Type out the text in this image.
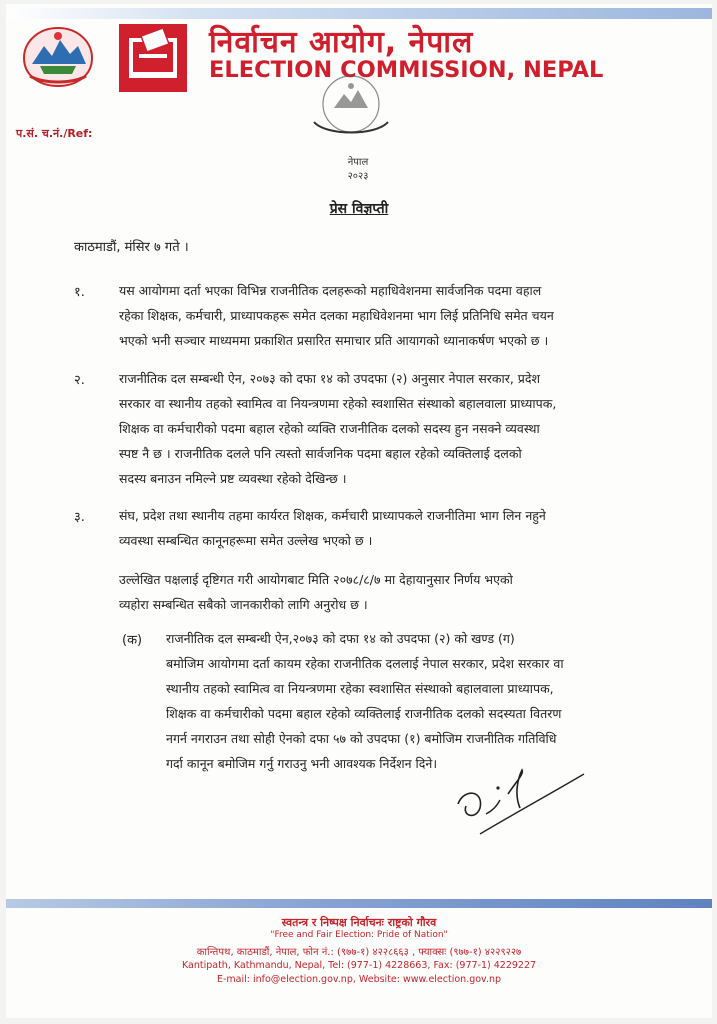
निर्वाचन आयोग, नेपाल
ELECTION COMMISSION, NEPAL
प.सं. च.नं./Ref:
नेपाल
२०२३
प्रेस विज्ञप्ती
काठमाडौं, मंसिर ७ गते ।
१.	यस आयोगमा दर्ता भएका विभिन्न राजनीतिक दलहरूको महाधिवेशनमा सार्वजनिक पदमा वहाल
रहेका शिक्षक, कर्मचारी, प्राध्यापकहरू समेत दलका महाधिवेशनमा भाग लिई प्रतिनिधि समेत चयन
भएको भनी सञ्चार माध्यममा प्रकाशित प्रसारित समाचार प्रति आयागको ध्यानाकर्षण भएको छ ।
२.	राजनीतिक दल सम्बन्धी ऐन, २०७३ को दफा १४ को उपदफा (२) अनुसार नेपाल सरकार, प्रदेश
सरकार वा स्थानीय तहको स्वामित्व वा नियन्त्रणमा रहेको स्वशासित संस्थाको बहालवाला प्राध्यापक,
शिक्षक वा कर्मचारीको पदमा बहाल रहेको व्यक्ति राजनीतिक दलको सदस्य हुन नसक्ने व्यवस्था
स्पष्ट नै छ । राजनीतिक दलले पनि त्यस्तो सार्वजनिक पदमा बहाल रहेको व्यक्तिलाई दलको
सदस्य बनाउन नमिल्ने प्रष्ट व्यवस्था रहेको देखिन्छ ।
३.	संघ, प्रदेश तथा स्थानीय तहमा कार्यरत शिक्षक, कर्मचारी प्राध्यापकले राजनीतिमा भाग लिन नहुने
व्यवस्था सम्बन्धित कानूनहरूमा समेत उल्लेख भएको छ ।
उल्लेखित पक्षलाई दृष्टिगत गरी आयोगबाट मिति २०७८/८/७ मा देहायानुसार निर्णय भएको
व्यहोरा सम्बन्धित सबैको जानकारीको लागि अनुरोध छ ।
(क) राजनीतिक दल सम्बन्धी ऐन,२०७३ को दफा १४ को उपदफा (२) को खण्ड (ग)
बमोजिम आयोगमा दर्ता कायम रहेका राजनीतिक दललाई नेपाल सरकार, प्रदेश सरकार वा
स्थानीय तहको स्वामित्व वा नियन्त्रणमा रहेका स्वशासित संस्थाको बहालवाला प्राध्यापक,
शिक्षक वा कर्मचारीको पदमा बहाल रहेको व्यक्तिलाई राजनीतिक दलको सदस्यता वितरण
नगर्न नगराउन तथा सोही ऐनको दफा ५७ को उपदफा (१) बमोजिम राजनीतिक गतिविधि
गर्दा कानून बमोजिम गर्नु गराउनु भनी आवश्यक निर्देशन दिने।
स्वतन्त्र र निष्पक्ष निर्वाचनः राष्ट्रको गौरव
"Free and Fair Election: Pride of Nation"
कान्तिपथ, काठमाडौं, नेपाल, फोन नं.: (९७७-१) ४२२८६६३ , फ्याक्सः (९७७-१) ४२२९२२७
Kantipath, Kathmandu, Nepal, Tel: (977-1) 4228663, Fax: (977-1) 4229227
E-mail: info@election.gov.np, Website: www.election.gov.np
